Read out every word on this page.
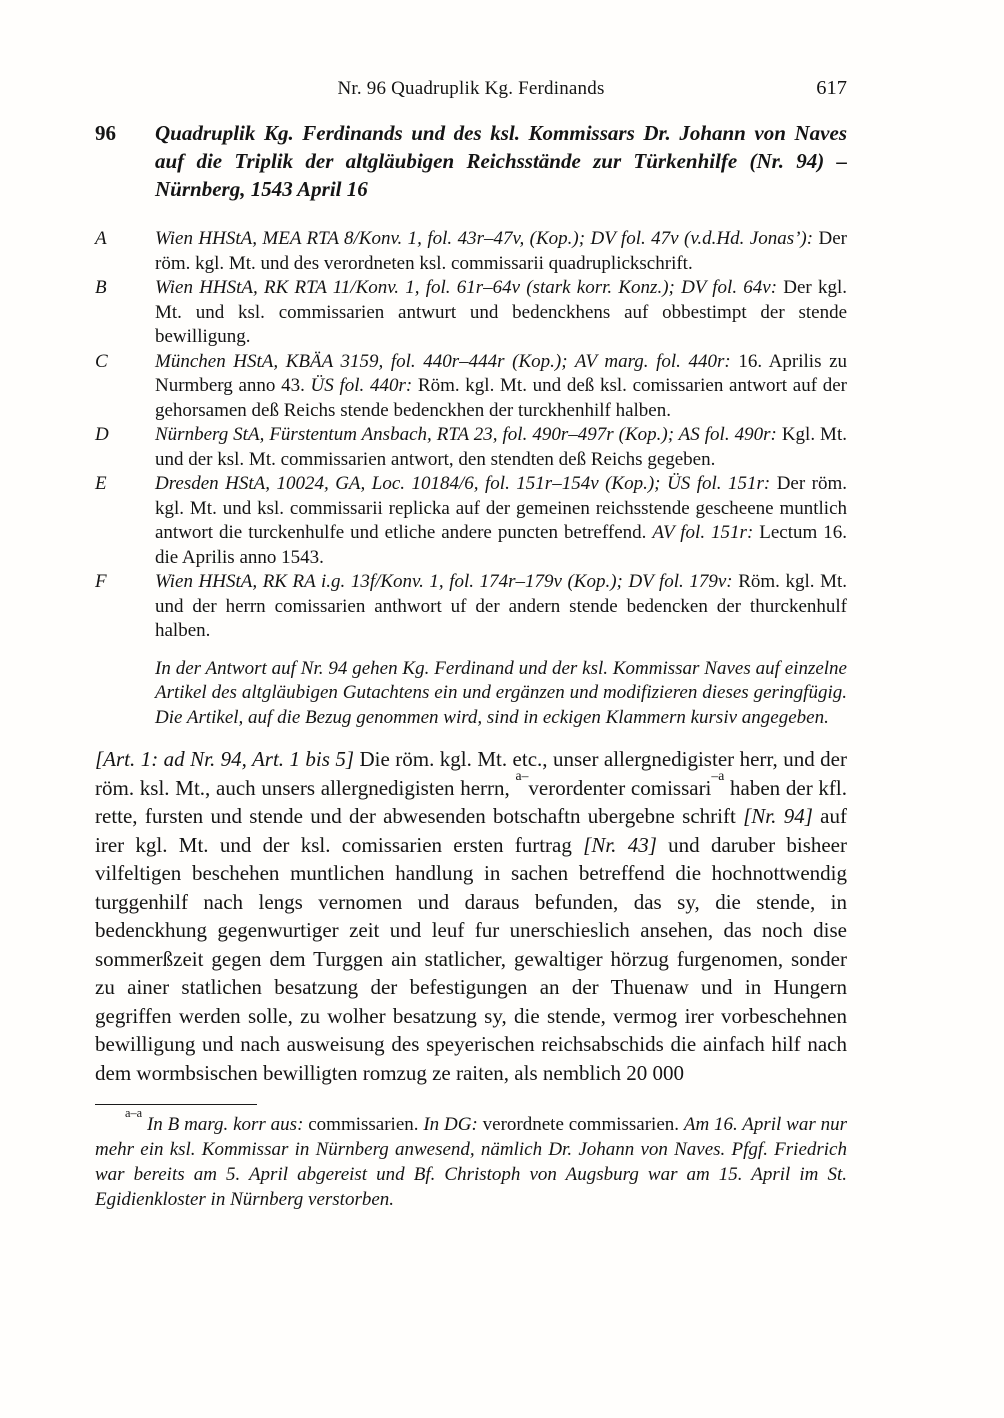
Nr. 96 Quadruplik Kg. Ferdinands	617
96	Quadruplik Kg. Ferdinands und des ksl. Kommissars Dr. Johann von Naves auf die Triplik der altgläubigen Reichsstände zur Türkenhilfe (Nr. 94) – Nürnberg, 1543 April 16
A	Wien HHStA, MEA RTA 8/Konv. 1, fol. 43r–47v, (Kop.); DV fol. 47v (v.d.Hd. Jonas’): Der röm. kgl. Mt. und des verordneten ksl. commissarii quadruplickschrift.
B	Wien HHStA, RK RTA 11/Konv. 1, fol. 61r–64v (stark korr. Konz.); DV fol. 64v: Der kgl. Mt. und ksl. commissarien antwurt und bedenckhens auf obbestimpt der stende bewilligung.
C	München HStA, KBÄA 3159, fol. 440r–444r (Kop.); AV marg. fol. 440r: 16. Aprilis zu Nurmberg anno 43. ÜS fol. 440r: Röm. kgl. Mt. und deß ksl. comissarien antwort auf der gehorsamen deß Reichs stende bedenckhen der turckhenhilf halben.
D	Nürnberg StA, Fürstentum Ansbach, RTA 23, fol. 490r–497r (Kop.); AS fol. 490r: Kgl. Mt. und der ksl. Mt. commissarien antwort, den stendten deß Reichs gegeben.
E	Dresden HStA, 10024, GA, Loc. 10184/6, fol. 151r–154v (Kop.); ÜS fol. 151r: Der röm. kgl. Mt. und ksl. commissarii replicka auf der gemeinen reichsstende gescheene muntlich antwort die turckenhulfe und etliche andere puncten betreffend. AV fol. 151r: Lectum 16. die Aprilis anno 1543.
F	Wien HHStA, RK RA i.g. 13f/Konv. 1, fol. 174r–179v (Kop.); DV fol. 179v: Röm. kgl. Mt. und der herrn comissarien anthwort uf der andern stende bedencken der thurckenhulf halben.

In der Antwort auf Nr. 94 gehen Kg. Ferdinand und der ksl. Kommissar Naves auf einzelne Artikel des altgläubigen Gutachtens ein und ergänzen und modifizieren dieses geringfügig. Die Artikel, auf die Bezug genommen wird, sind in eckigen Klammern kursiv angegeben.

[Art. 1: ad Nr. 94, Art. 1 bis 5] Die röm. kgl. Mt. etc., unser allergnedigister herr, und der röm. ksl. Mt., auch unsers allergnedigisten herrn, $^{a-}$verordenter comissari$^{-a}$ haben der kfl. rette, fursten und stende und der abwesenden botschaftn ubergebne schrift [Nr. 94] auf irer kgl. Mt. und der ksl. comissarien ersten furtrag [Nr. 43] und daruber bisheer vilfeltigen beschehen muntlichen handlung in sachen betreffend die hochnottwendig turggenhilf nach lengs vernomen und daraus befunden, das sy, die stende, in bedenckhung gegenwurtiger zeit und leuf fur unerschieslich ansehen, das noch dise sommerßzeit gegen dem Turggen ain statlicher, gewaltiger hörzug furgenomen, sonder zu ainer statlichen besatzung der befestigungen an der Thuenaw und in Hungern gegriffen werden solle, zu wolher besatzung sy, die stende, vermog irer vorbeschehnen bewilligung und nach ausweisung des speyerischen reichsabschids die ainfach hilf nach dem wormbsischen bewilligten romzug ze raiten, als nemblich 20 000

$^{a-a}$ In B marg. korr aus: commissarien. In DG: verordnete commissarien. Am 16. April war nur mehr ein ksl. Kommissar in Nürnberg anwesend, nämlich Dr. Johann von Naves. Pfgf. Friedrich war bereits am 5. April abgereist und Bf. Christoph von Augsburg war am 15. April im St. Egidienkloster in Nürnberg verstorben.
